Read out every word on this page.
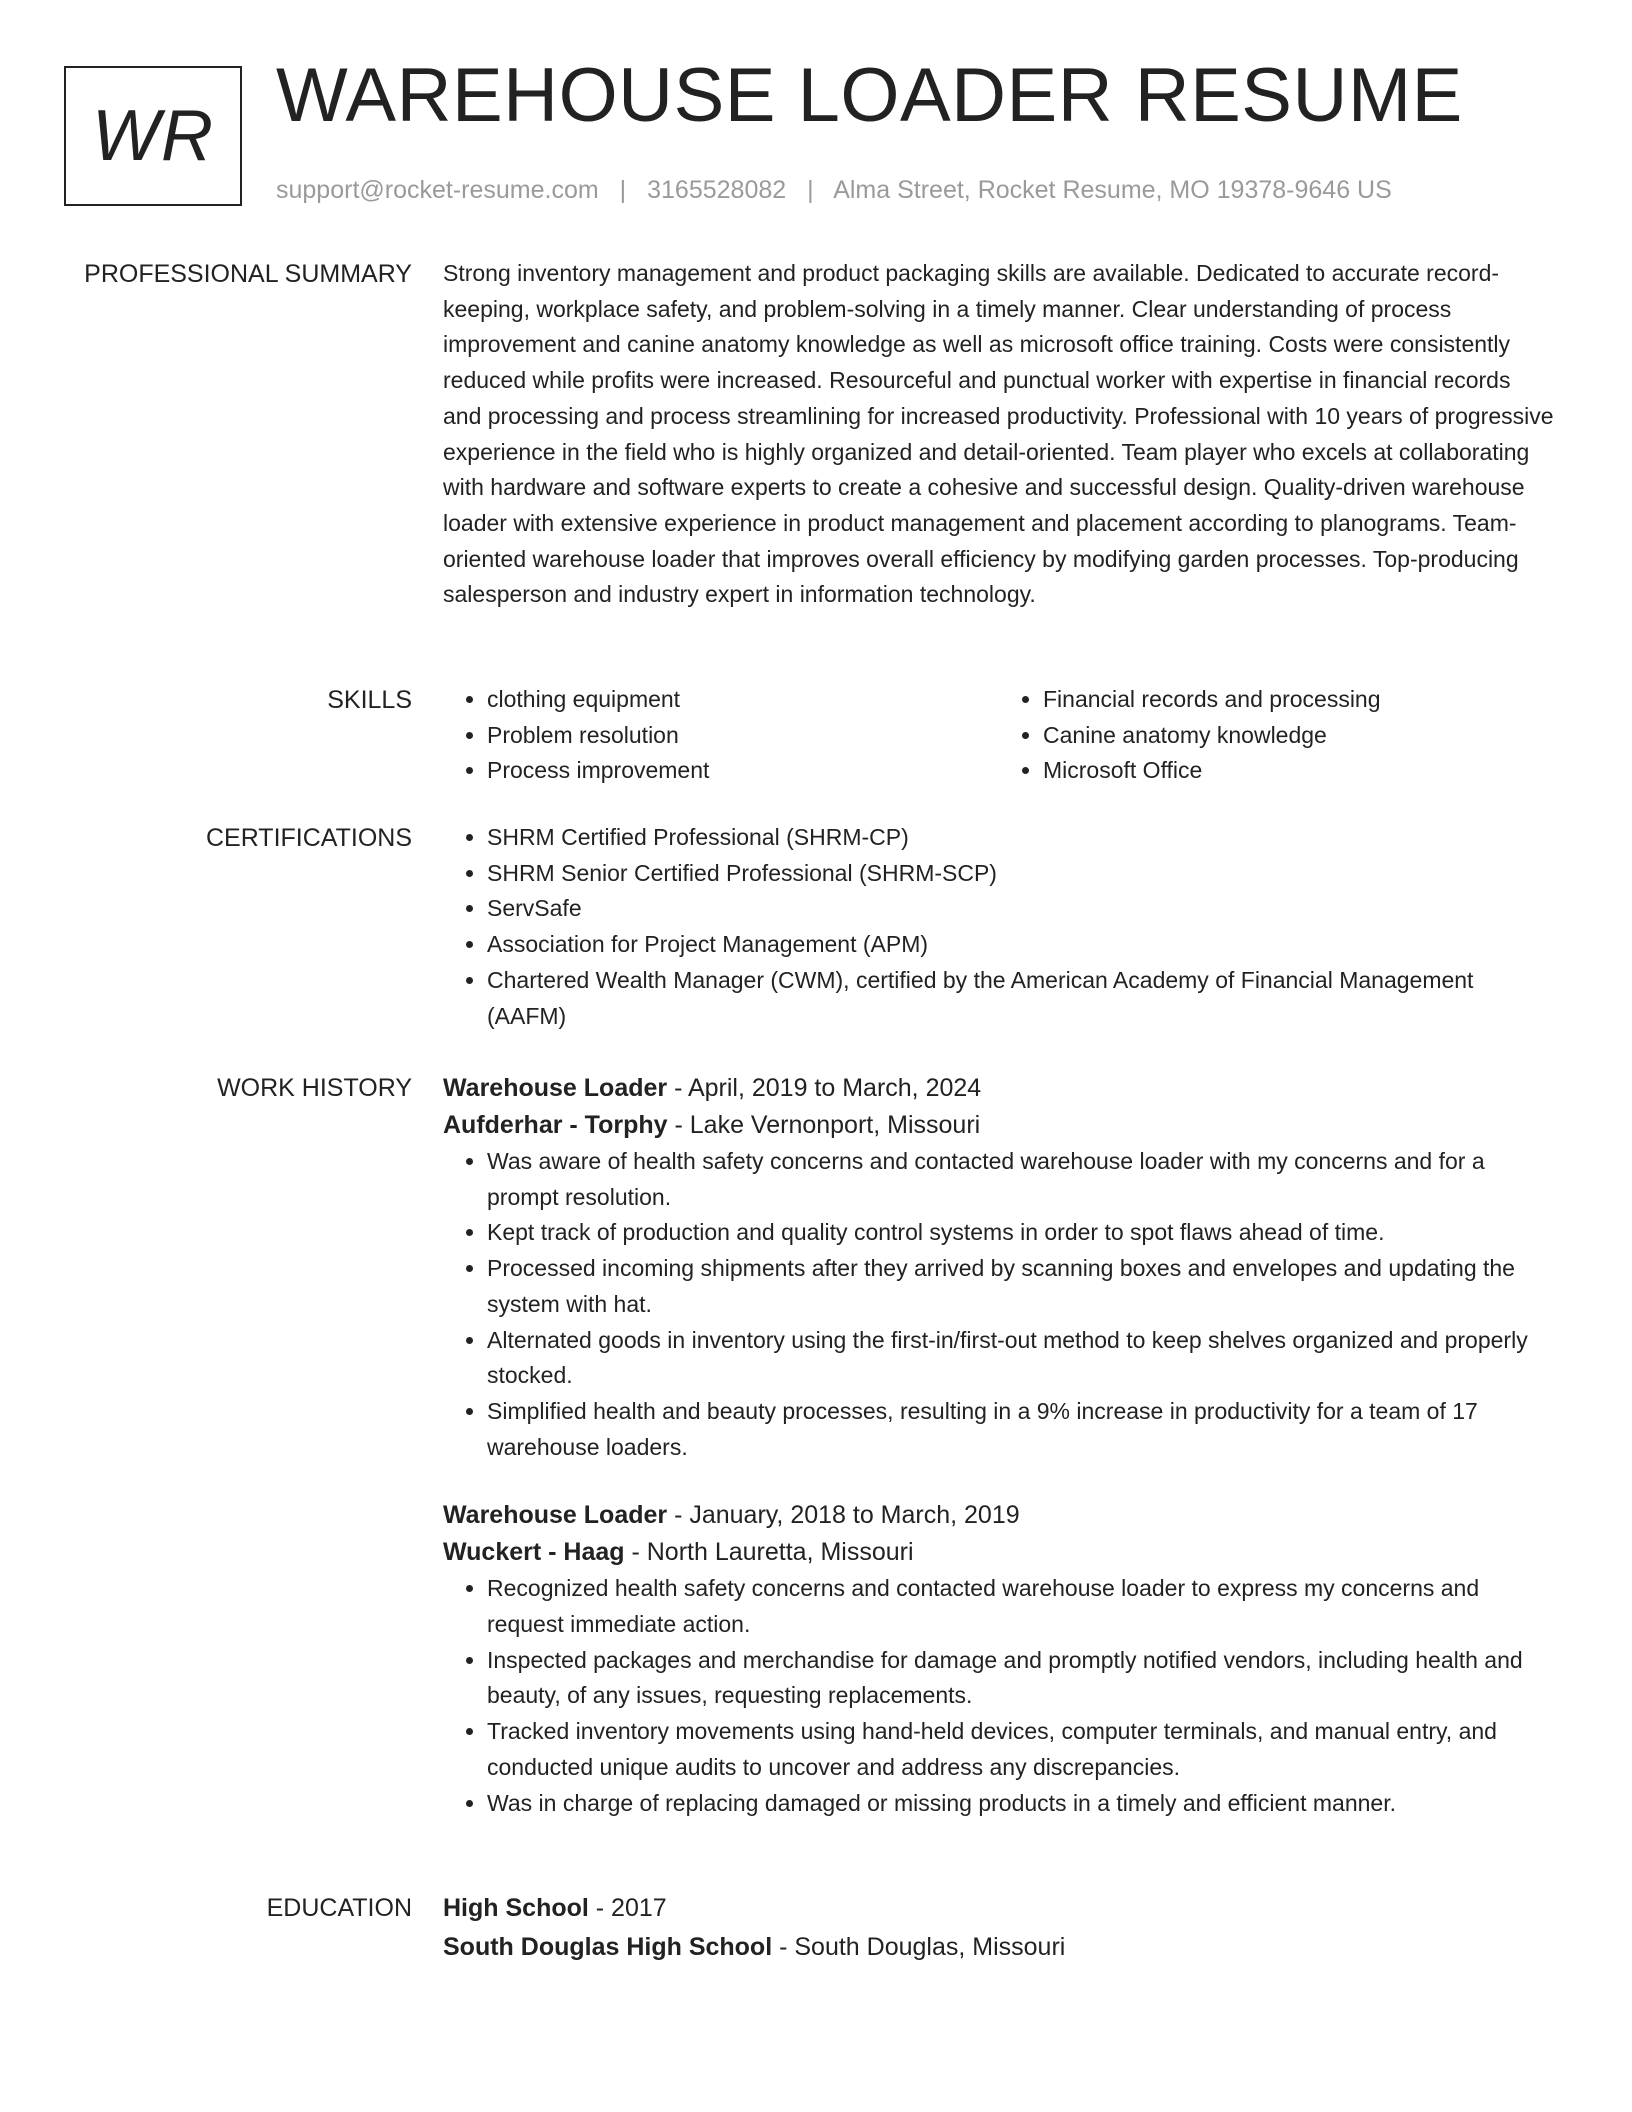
WR WAREHOUSE LOADER RESUME
support@rocket-resume.com | 3165528082 | Alma Street, Rocket Resume, MO 19378-9646 US
PROFESSIONAL SUMMARY Strong inventory management and product packaging skills are available. Dedicated to accurate record-keeping, workplace safety, and problem-solving in a timely manner. Clear understanding of process improvement and canine anatomy knowledge as well as microsoft office training. Costs were consistently reduced while profits were increased. Resourceful and punctual worker with expertise in financial records and processing and process streamlining for increased productivity. Professional with 10 years of progressive experience in the field who is highly organized and detail-oriented. Team player who excels at collaborating with hardware and software experts to create a cohesive and successful design. Quality-driven warehouse loader with extensive experience in product management and placement according to planograms. Team-oriented warehouse loader that improves overall efficiency by modifying garden processes. Top-producing salesperson and industry expert in information technology.
SKILLS	• clothing equipment
• Problem resolution
• Process improvement
• Financial records and processing
• Canine anatomy knowledge
• Microsoft Office
CERTIFICATIONS	• SHRM Certified Professional (SHRM-CP)
• SHRM Senior Certified Professional (SHRM-SCP)
• ServSafe
• Association for Project Management (APM)
• Chartered Wealth Manager (CWM), certified by the American Academy of Financial Management (AAFM)
WORK HISTORY Warehouse Loader - April, 2019 to March, 2024
Aufderhar - Torphy - Lake Vernonport, Missouri
• Was aware of health safety concerns and contacted warehouse loader with my concerns and for a prompt resolution.
• Kept track of production and quality control systems in order to spot flaws ahead of time.
• Processed incoming shipments after they arrived by scanning boxes and envelopes and updating the system with hat.
• Alternated goods in inventory using the first-in/first-out method to keep shelves organized and properly stocked.
• Simplified health and beauty processes, resulting in a 9% increase in productivity for a team of 17 warehouse loaders.
Warehouse Loader - January, 2018 to March, 2019
Wuckert - Haag - North Lauretta, Missouri
• Recognized health safety concerns and contacted warehouse loader to express my concerns and request immediate action.
• Inspected packages and merchandise for damage and promptly notified vendors, including health and beauty, of any issues, requesting replacements.
• Tracked inventory movements using hand-held devices, computer terminals, and manual entry, and conducted unique audits to uncover and address any discrepancies.
• Was in charge of replacing damaged or missing products in a timely and efficient manner.
EDUCATION High School - 2017
South Douglas High School - South Douglas, Missouri
